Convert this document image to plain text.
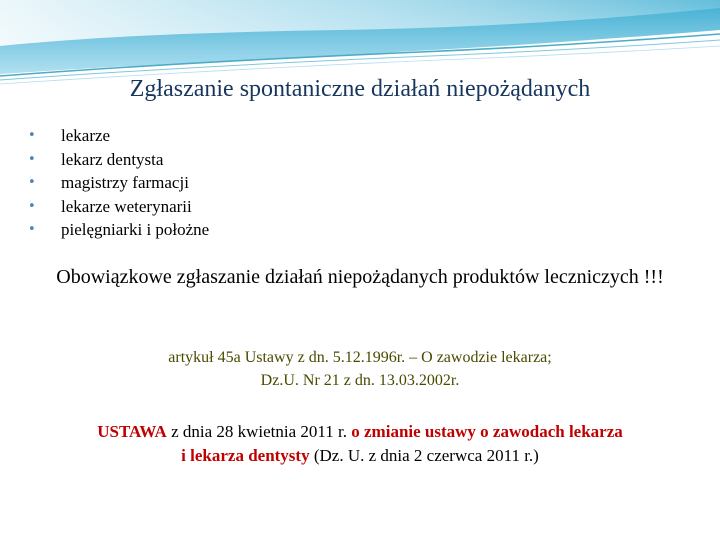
Zgłaszanie spontaniczne działań niepożądanych
• lekarze
• lekarz dentysta
• magistrzy farmacji
• lekarze weterynarii
• pielęgniarki i położne

Obowiązkowe zgłaszanie działań niepożądanych produktów leczniczych !!!

artykuł 45a Ustawy z dn. 5.12.1996r. – O zawodzie lekarza;
Dz.U. Nr 21 z dn. 13.03.2002r.

USTAWA z dnia 28 kwietnia 2011 r. o zmianie ustawy o zawodach lekarza
i lekarza dentysty (Dz. U. z dnia 2 czerwca 2011 r.)
